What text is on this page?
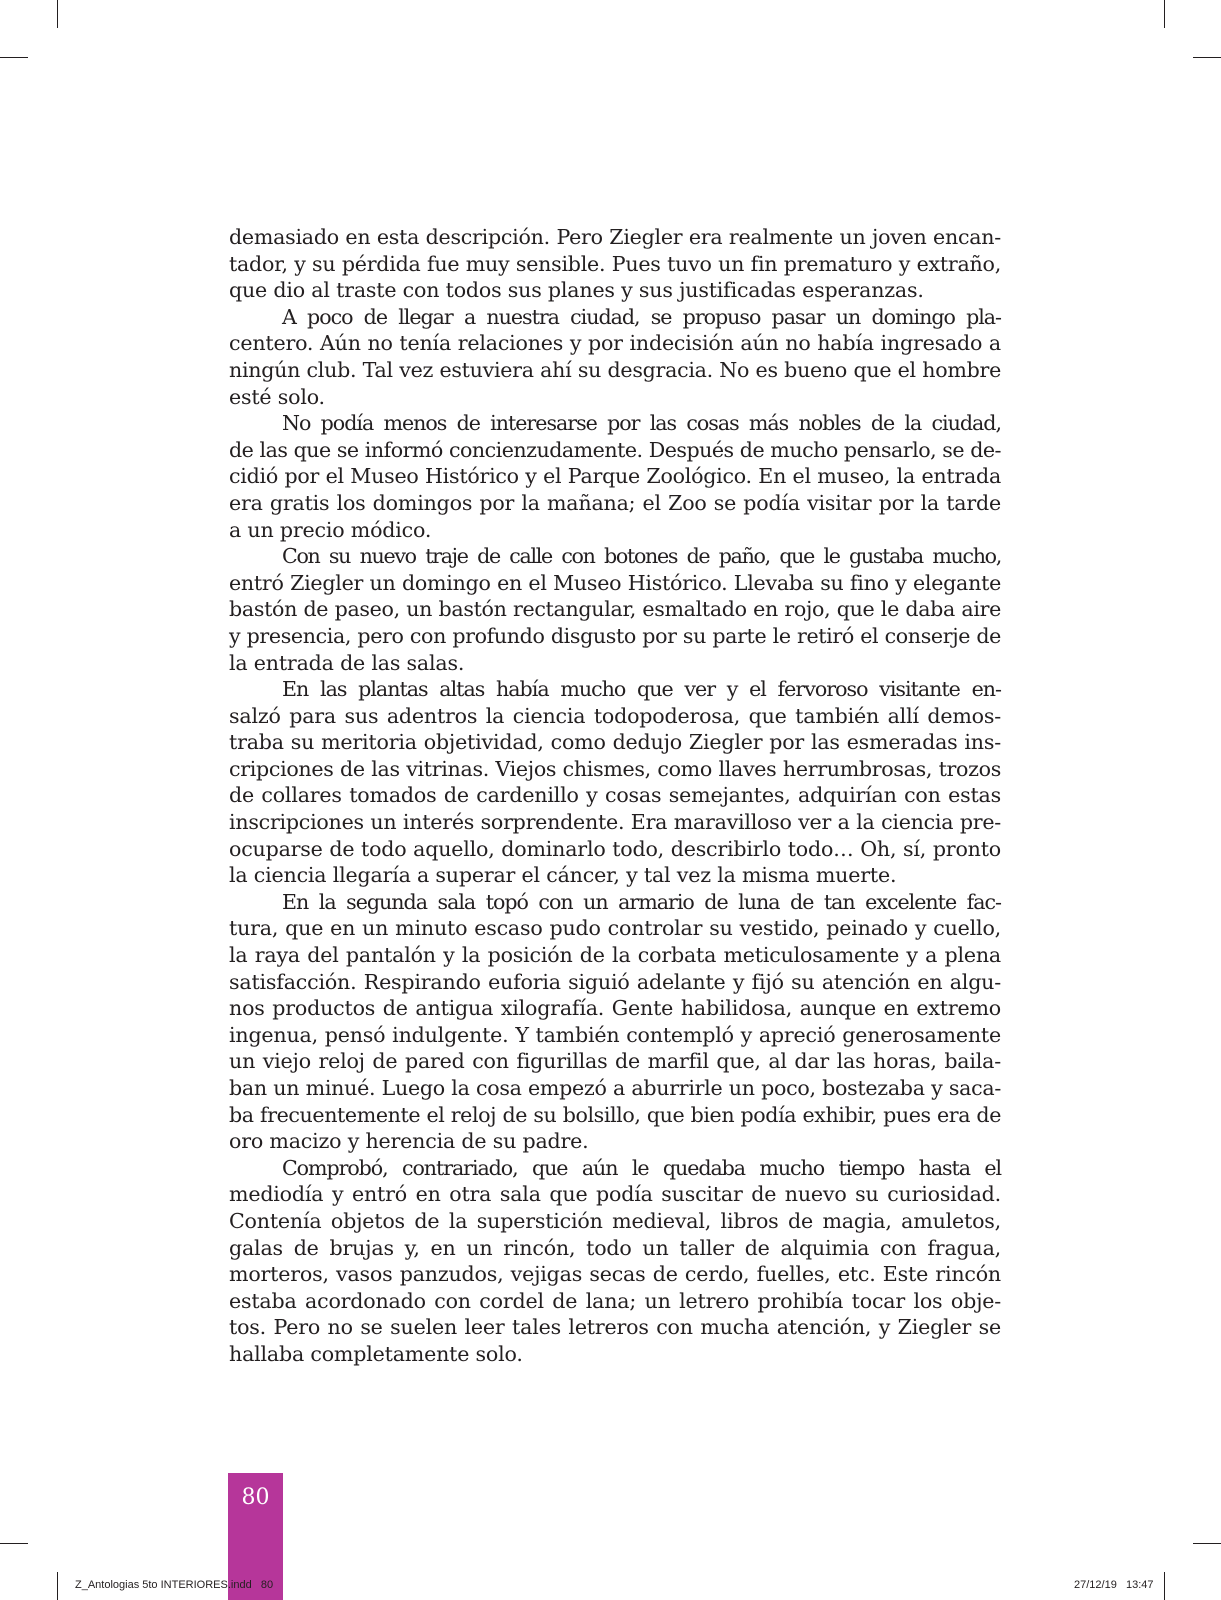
demasiado en esta descripción. Pero Ziegler era realmente un joven encan-
tador, y su pérdida fue muy sensible. Pues tuvo un fin prematuro y extraño,
que dio al traste con todos sus planes y sus justificadas esperanzas.

A poco de llegar a nuestra ciudad, se propuso pasar un domingo pla-
centero. Aún no tenía relaciones y por indecisión aún no había ingresado a
ningún club. Tal vez estuviera ahí su desgracia. No es bueno que el hombre
esté solo.

No podía menos de interesarse por las cosas más nobles de la ciudad,
de las que se informó concienzudamente. Después de mucho pensarlo, se de-
cidió por el Museo Histórico y el Parque Zoológico. En el museo, la entrada
era gratis los domingos por la mañana; el Zoo se podía visitar por la tarde
a un precio módico.

Con su nuevo traje de calle con botones de paño, que le gustaba mucho,
entró Ziegler un domingo en el Museo Histórico. Llevaba su fino y elegante
bastón de paseo, un bastón rectangular, esmaltado en rojo, que le daba aire
y presencia, pero con profundo disgusto por su parte le retiró el conserje de
la entrada de las salas.

En las plantas altas había mucho que ver y el fervoroso visitante en-
salzó para sus adentros la ciencia todopoderosa, que también allí demos-
traba su meritoria objetividad, como dedujo Ziegler por las esmeradas ins-
cripciones de las vitrinas. Viejos chismes, como llaves herrumbrosas, trozos
de collares tomados de cardenillo y cosas semejantes, adquirían con estas
inscripciones un interés sorprendente. Era maravilloso ver a la ciencia pre-
ocuparse de todo aquello, dominarlo todo, describirlo todo… Oh, sí, pronto
la ciencia llegaría a superar el cáncer, y tal vez la misma muerte.

En la segunda sala topó con un armario de luna de tan excelente fac-
tura, que en un minuto escaso pudo controlar su vestido, peinado y cuello,
la raya del pantalón y la posición de la corbata meticulosamente y a plena
satisfacción. Respirando euforia siguió adelante y fijó su atención en algu-
nos productos de antigua xilografía. Gente habilidosa, aunque en extremo
ingenua, pensó indulgente. Y también contempló y apreció generosamente
un viejo reloj de pared con figurillas de marfil que, al dar las horas, baila-
ban un minué. Luego la cosa empezó a aburrirle un poco, bostezaba y saca-
ba frecuentemente el reloj de su bolsillo, que bien podía exhibir, pues era de
oro macizo y herencia de su padre.

Comprobó, contrariado, que aún le quedaba mucho tiempo hasta el
mediodía y entró en otra sala que podía suscitar de nuevo su curiosidad.
Contenía objetos de la superstición medieval, libros de magia, amuletos,
galas de brujas y, en un rincón, todo un taller de alquimia con fragua,
morteros, vasos panzudos, vejigas secas de cerdo, fuelles, etc. Este rincón
estaba acordonado con cordel de lana; un letrero prohibía tocar los obje-
tos. Pero no se suelen leer tales letreros con mucha atención, y Ziegler se
hallaba completamente solo.

80
Z_Antologias 5to INTERIORES.indd   80	27/12/19   13:47
